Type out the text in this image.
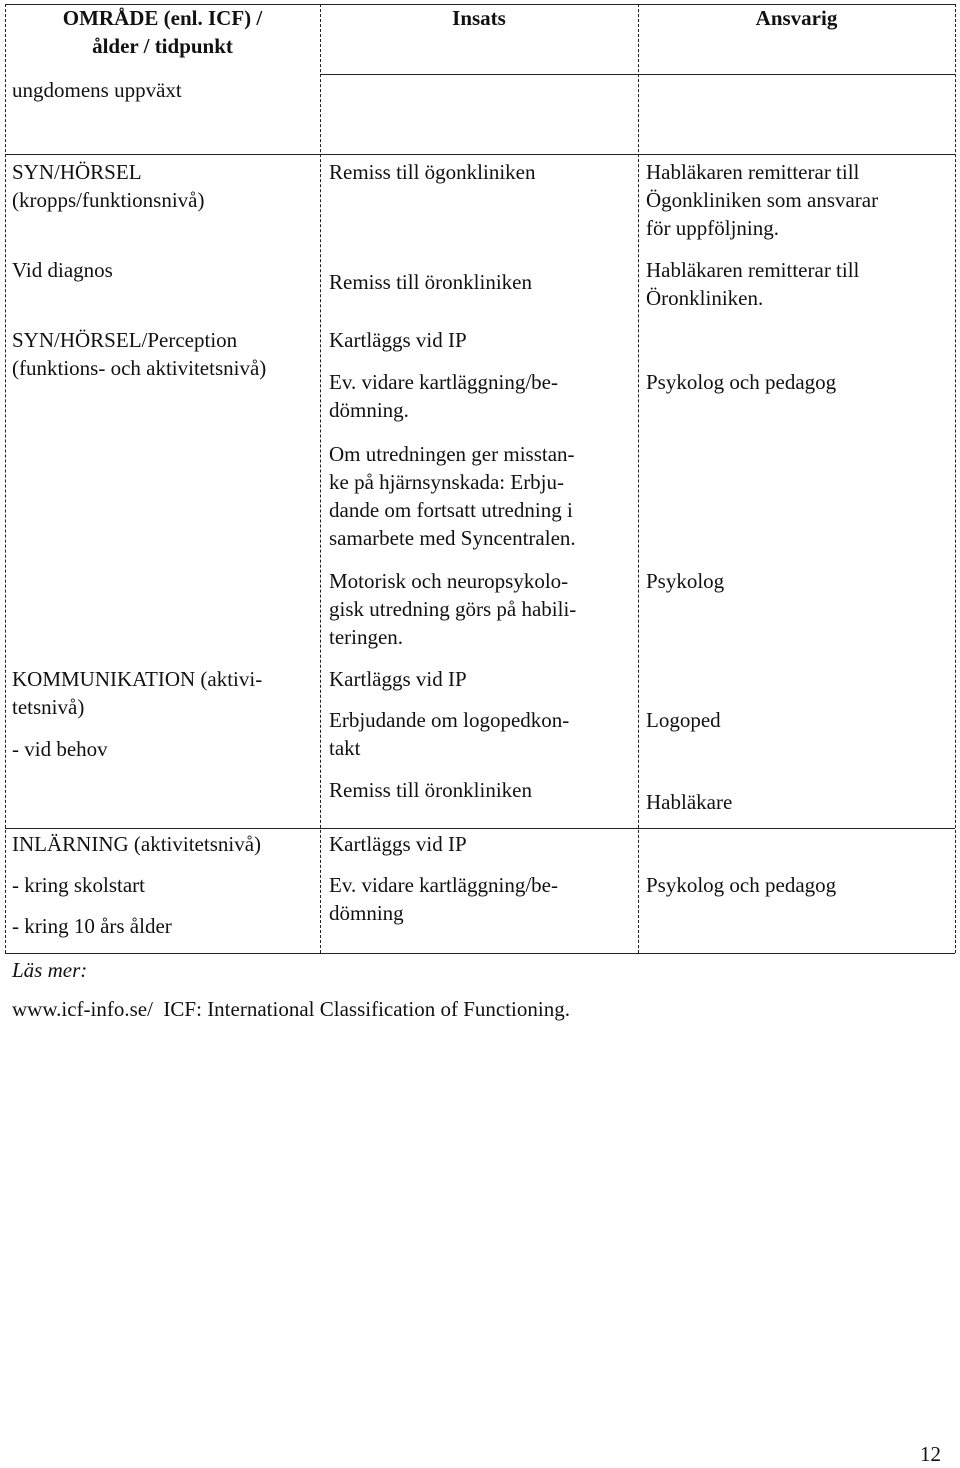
OMRÅDE (enl. ICF) /
ålder / tidpunkt
Insats	Ansvarig
ungdomens uppväxt
SYN/HÖRSEL
(kropps/funktionsnivå)
Vid diagnos
SYN/HÖRSEL/Perception
(funktions- och aktivitetsnivå)
KOMMUNIKATION (aktivi-
tetsnivå)
- vid behov
INLÄRNING (aktivitetsnivå)
- kring skolstart
- kring 10 års ålder
Remiss till ögonkliniken
Remiss till öronkliniken
Kartläggs vid IP
Ev. vidare kartläggning/be-
dömning.
Om utredningen ger misstan-
ke på hjärnsynskada: Erbju-
dande om fortsatt utredning i
samarbete med Syncentralen.
Motorisk och neuropsykolo-
gisk utredning görs på habili-
teringen.
Kartläggs vid IP
Erbjudande om logopedkon-
takt
Remiss till öronkliniken
Kartläggs vid IP
Ev. vidare kartläggning/be-
dömning
Habläkaren remitterar till
Ögonkliniken som ansvarar
för uppföljning.
Habläkaren remitterar till
Öronkliniken.
Psykolog och pedagog
Psykolog
Logoped
Habläkare
Psykolog och pedagog
Läs mer:
www.icf-info.se/  ICF: International Classification of Functioning.
12
